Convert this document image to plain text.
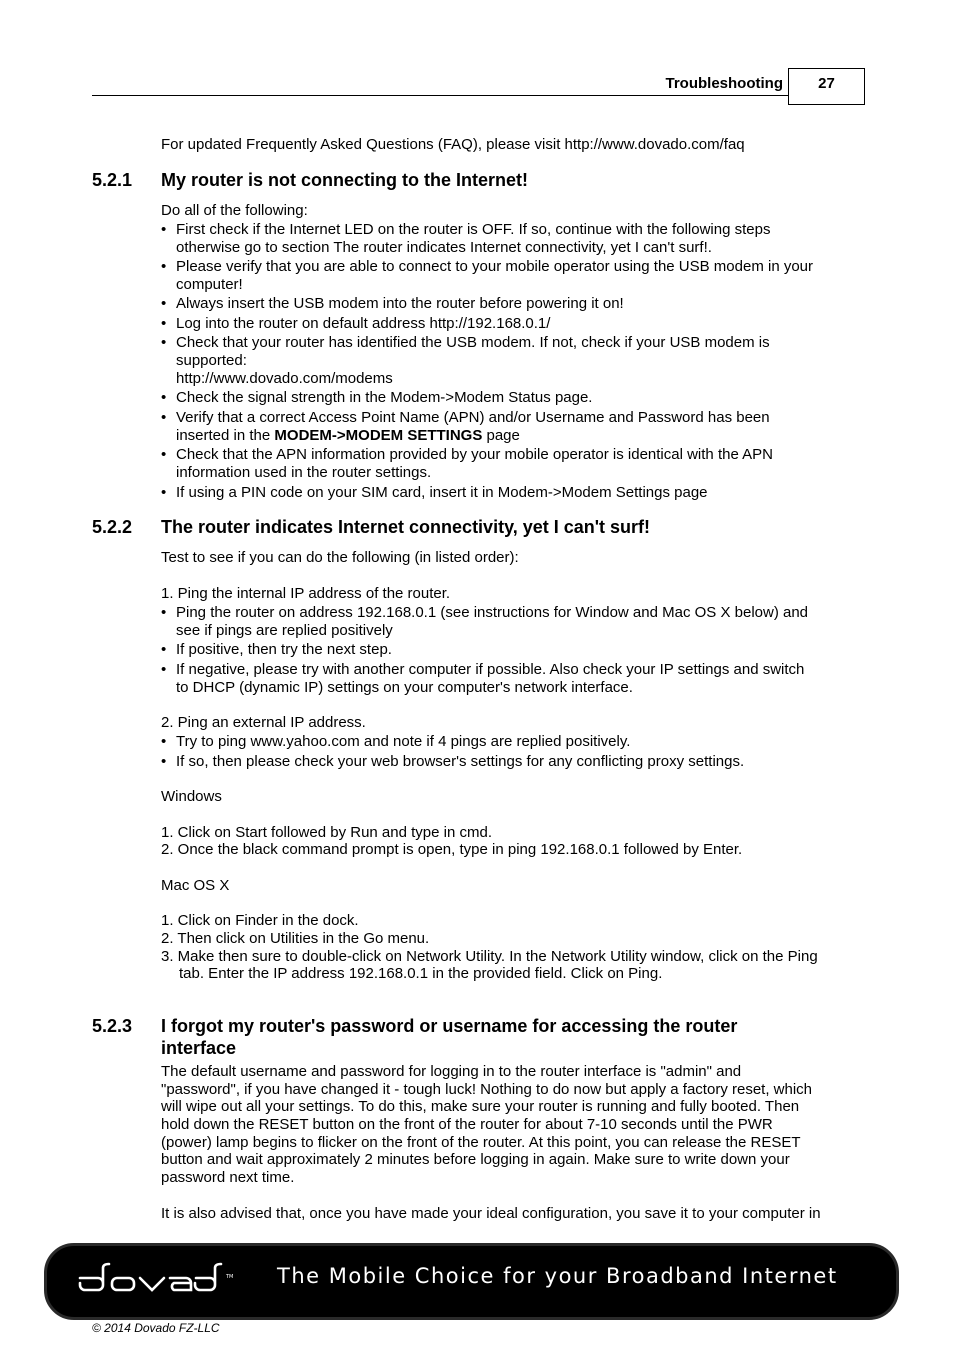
Troubleshooting	27
For updated Frequently Asked Questions (FAQ), please visit http://www.dovado.com/faq
5.2.1 My router is not connecting to the Internet!
Do all of the following:
• First check if the Internet LED on the router is OFF. If so, continue with the following steps
otherwise go to section The router indicates Internet connectivity, yet I can't surf!.
• Please verify that you are able to connect to your mobile operator using the USB modem in your
computer!
• Always insert the USB modem into the router before powering it on!
• Log into the router on default address http://192.168.0.1/
• Check that your router has identified the USB modem. If not, check if your USB modem is
supported:
http://www.dovado.com/modems
• Check the signal strength in the Modem->Modem Status page.
• Verify that a correct Access Point Name (APN) and/or Username and Password has been
inserted in the MODEM->MODEM SETTINGS page
• Check that the APN information provided by your mobile operator is identical with the APN
information used in the router settings.
• If using a PIN code on your SIM card, insert it in Modem->Modem Settings page
5.2.2 The router indicates Internet connectivity, yet I can't surf!
Test to see if you can do the following (in listed order):
1. Ping the internal IP address of the router.
• Ping the router on address 192.168.0.1 (see instructions for Window and Mac OS X below) and
see if pings are replied positively
• If positive, then try the next step.
• If negative, please try with another computer if possible. Also check your IP settings and switch
to DHCP (dynamic IP) settings on your computer's network interface.
2. Ping an external IP address.
• Try to ping www.yahoo.com and note if 4 pings are replied positively.
• If so, then please check your web browser's settings for any conflicting proxy settings.
Windows
1. Click on Start followed by Run and type in cmd.
2. Once the black command prompt is open, type in ping 192.168.0.1 followed by Enter.
Mac OS X
1. Click on Finder in the dock.
2. Then click on Utilities in the Go menu.
3. Make then sure to double-click on Network Utility. In the Network Utility window, click on the Ping
tab. Enter the IP address 192.168.0.1 in the provided field. Click on Ping.
5.2.3 I forgot my router's password or username for accessing the router
interface
The default username and password for logging in to the router interface is "admin" and
"password", if you have changed it - tough luck! Nothing to do now but apply a factory reset, which
will wipe out all your settings. To do this, make sure your router is running and fully booted. Then
hold down the RESET button on the front of the router for about 7-10 seconds until the PWR
(power) lamp begins to flicker on the front of the router. At this point, you can release the RESET
button and wait approximately 2 minutes before logging in again. Make sure to write down your
password next time.
It is also advised that, once you have made your ideal configuration, you save it to your computer in
TM The Mobile Choice for your Broadband Internet
© 2014 Dovado FZ-LLC
